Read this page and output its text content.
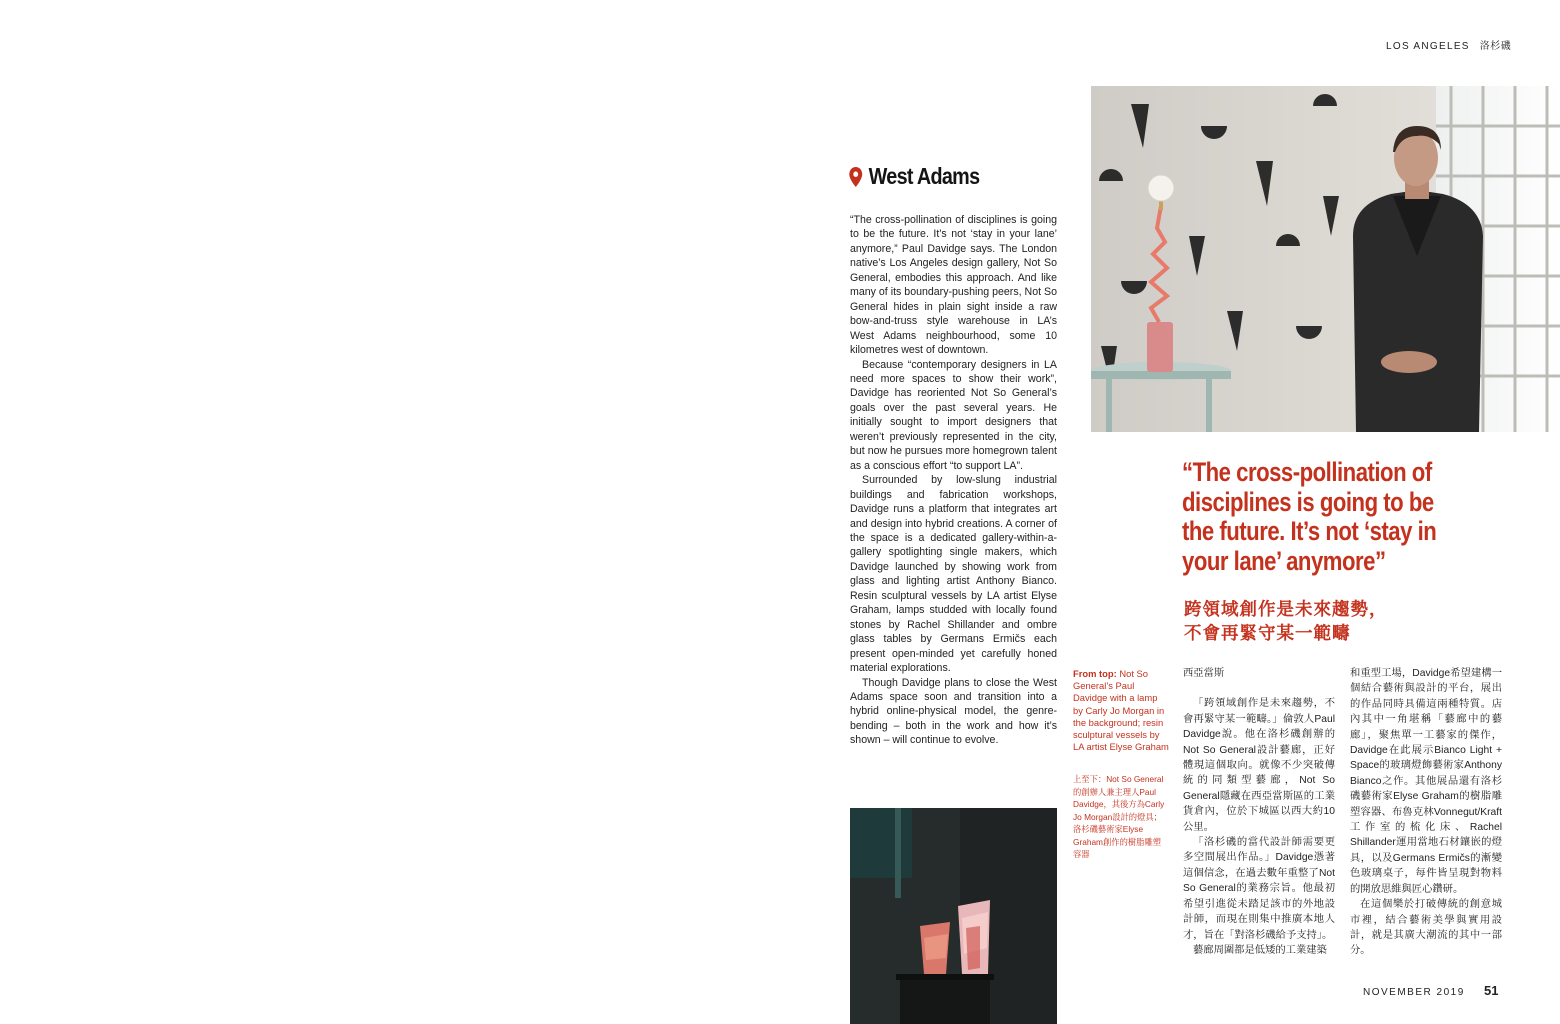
LOS ANGELES 洛杉磯
West Adams

“The cross-pollination of disciplines is going to be the future. It’s not ‘stay in your lane’ anymore,” Paul Davidge says. The London native’s Los Angeles design gallery, Not So General, embodies this approach. And like many of its boundary-pushing peers, Not So General hides in plain sight inside a raw bow-and-truss style warehouse in LA’s West Adams neighbourhood, some 10 kilometres west of downtown.

Because “contemporary designers in LA need more spaces to show their work”, Davidge has reoriented Not So General’s goals over the past several years. He initially sought to import designers that weren’t previously represented in the city, but now he pursues more homegrown talent as a conscious effort “to support LA”.

Surrounded by low-slung industrial buildings and fabrication workshops, Davidge runs a platform that integrates art and design into hybrid creations. A corner of the space is a dedicated gallery-within-a-gallery spotlighting single makers, which Davidge launched by showing work from glass and lighting artist Anthony Bianco. Resin sculptural vessels by LA artist Elyse Graham, lamps studded with locally found stones by Rachel Shillander and ombre glass tables by Germans Ermičs each present open-minded yet carefully honed material explorations.

Though Davidge plans to close the West Adams space soon and transition into a hybrid online-physical model, the genre-bending – both in the work and how it’s shown – will continue to evolve.

“The cross-pollination of disciplines is going to be the future. It’s not ‘stay in your lane’ anymore”
跨領域創作是未來趨勢，
不會再緊守某一範疇
From top: Not So General’s Paul Davidge with a lamp by Carly Jo Morgan in the background; resin sculptural vessels by LA artist Elyse Graham
上至下：Not So General的創辦人兼主理人Paul Davidge，其後方為Carly Jo Morgan設計的燈具；洛杉磯藝術家Elyse Graham創作的樹脂雕塑容器

西亞當斯

「跨領域創作是未來趨勢，不會再緊守某一範疇。」倫敦人Paul Davidge說。他在洛杉磯創辦的Not So General設計藝廊，正好體現這個取向。就像不少突破傳統的同類型藝廊，Not So General隱藏在西亞當斯區的工業貨倉內，位於下城區以西大約10公里。

「洛杉磯的當代設計師需要更多空間展出作品。」Davidge憑著這個信念，在過去數年重整了Not So General的業務宗旨。他最初希望引進從未踏足該市的外地設計師，而現在則集中推廣本地人才，旨在「對洛杉磯給予支持」。

藝廊周圍都是低矮的工業建築

和重型工場，Davidge希望建構一個結合藝術與設計的平台，展出的作品同時具備這兩種特質。店內其中一角堪稱「藝廊中的藝廊」，聚焦單一工藝家的傑作，Davidge在此展示Bianco Light + Space的玻璃燈飾藝術家Anthony Bianco之作。其他展品還有洛杉磯藝術家Elyse Graham的樹脂雕塑容器、布魯克林Vonnegut/Kraft工作室的梳化床、Rachel Shillander運用當地石材鑲嵌的燈具，以及Germans Ermičs的漸變色玻璃桌子，每件皆呈現對物料的開放思維與匠心鑽研。

在這個樂於打破傳統的創意城市裡，結合藝術美學與實用設計，就是其廣大潮流的其中一部分。

NOVEMBER 2019 51
